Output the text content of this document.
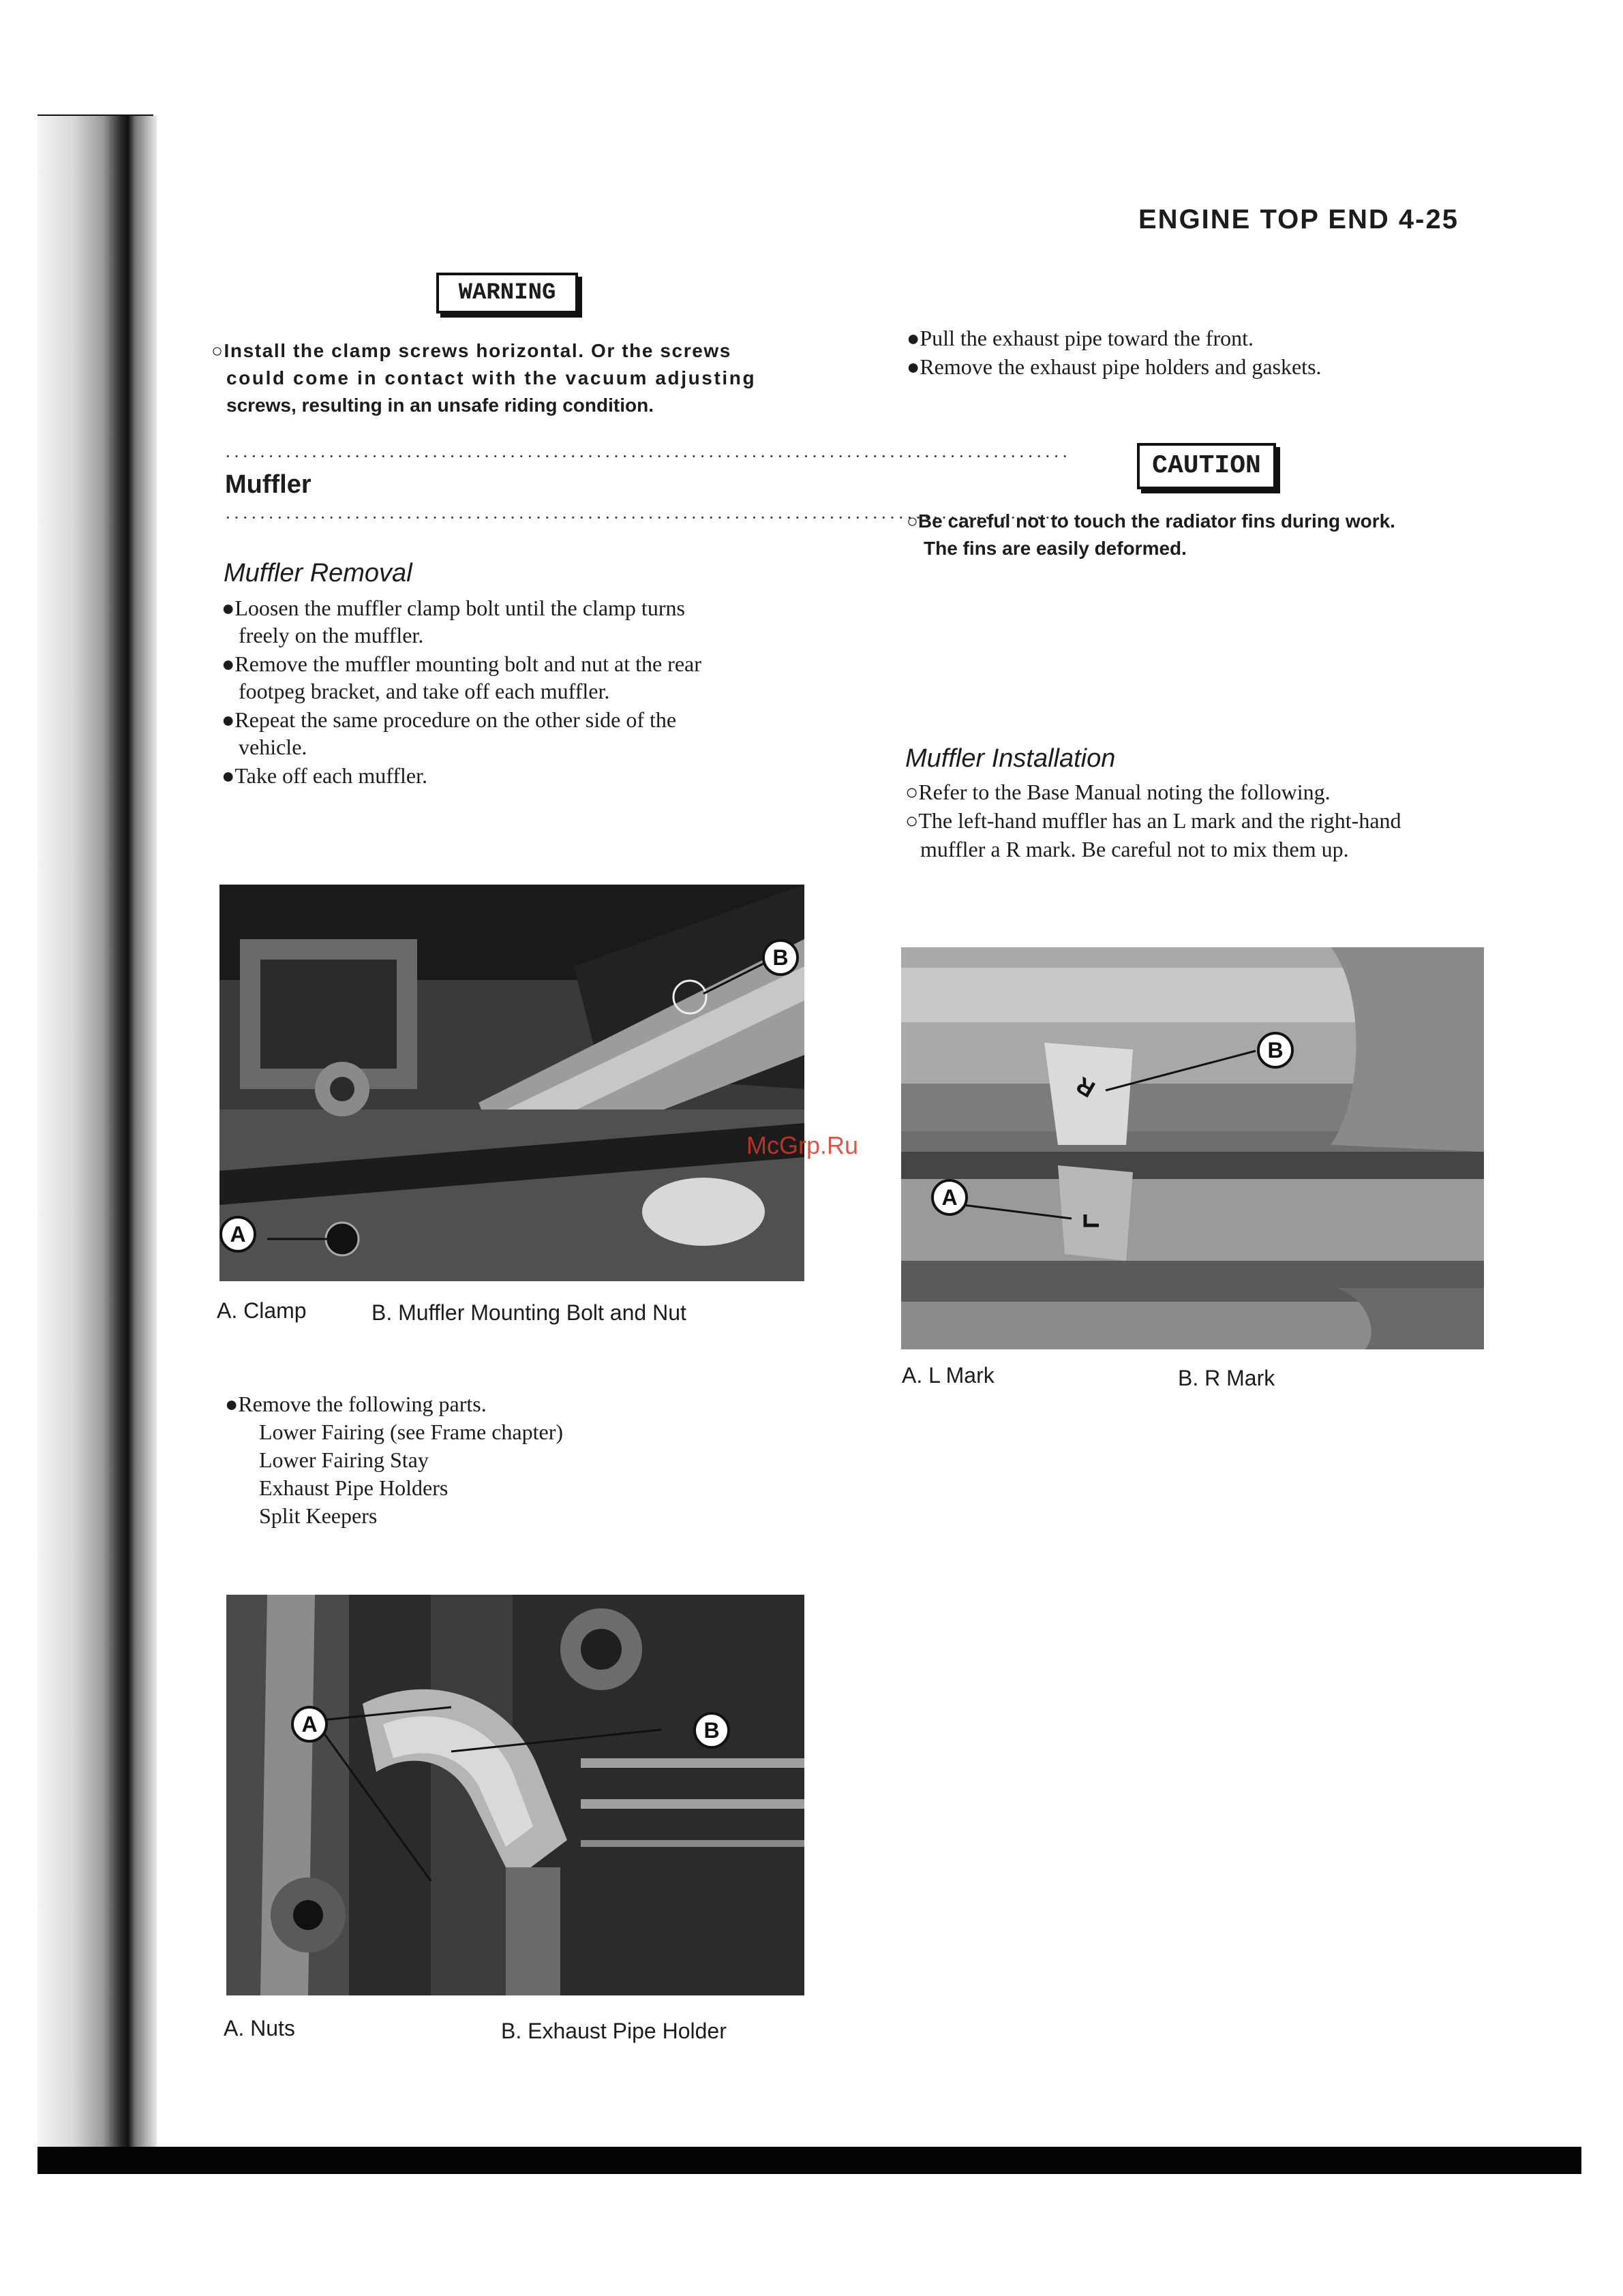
ENGINE TOP END 4-25
WARNING
○Install the clamp screws horizontal. Or the screws
could come in contact with the vacuum adjusting
screws, resulting in an unsafe riding condition.
··································································································
Muffler
··································································································
Muffler Removal
●Loosen the muffler clamp bolt until the clamp turns
freely on the muffler.
●Remove the muffler mounting bolt and nut at the rear
footpeg bracket, and take off each muffler.
●Repeat the same procedure on the other side of the
vehicle.
●Take off each muffler.
A
B
A. Clamp	B. Muffler Mounting Bolt and Nut
●Remove the following parts.
Lower Fairing (see Frame chapter)
Lower Fairing Stay
Exhaust Pipe Holders
Split Keepers
A	B
A. Nuts	B. Exhaust Pipe Holder
●Pull the exhaust pipe toward the front.
●Remove the exhaust pipe holders and gaskets.
CAUTION
○Be careful not to touch the radiator fins during work.
The fins are easily deformed.
Muffler Installation
○Refer to the Base Manual noting the following.
○The left-hand muffler has an L mark and the right-hand
muffler a R mark. Be careful not to mix them up.
R
A
B
A. L Mark	B. R Mark
McGrp.Ru
